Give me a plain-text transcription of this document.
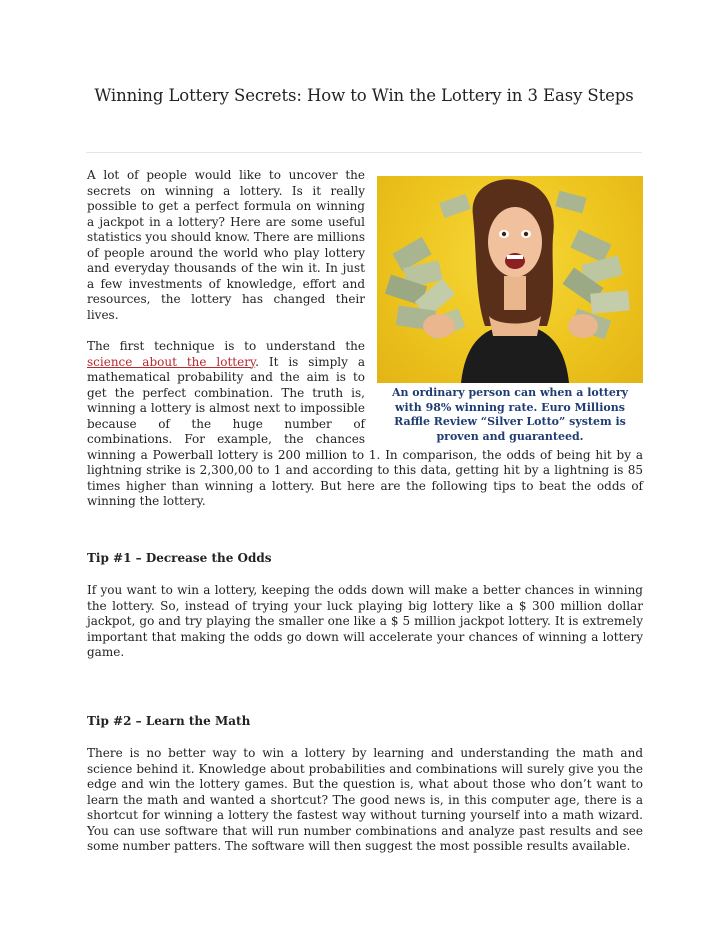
Winning Lottery Secrets: How to Win the Lottery in 3 Easy Steps
An ordinary person can when a lottery with 98% winning rate. Euro Millions Raffle Review “Silver Lotto” system is proven and guaranteed.

A lot of people would like to uncover the secrets on winning a lottery. Is it really possible to get a perfect formula on winning a jackpot in a lottery? Here are some useful statistics you should know. There are millions of people around the world who play lottery and everyday thousands of the win it. In just a few investments of knowledge, effort and resources, the lottery has changed their lives.

The first technique is to understand the science about the lottery. It is simply a mathematical probability and the aim is to get the perfect combination. The truth is, winning a lottery is almost next to impossible because of the huge number of combinations. For example, the chances winning a Powerball lottery is 200 million to 1. In comparison, the odds of being hit by a lightning strike is 2,300,00 to 1 and according to this data, getting hit by a lightning is 85 times higher than winning a lottery. But here are the following tips to beat the odds of winning the lottery.

Tip #1 – Decrease the Odds

If you want to win a lottery, keeping the odds down will make a better chances in winning the lottery. So, instead of trying your luck playing big lottery like a $ 300 million dollar jackpot, go and try playing the smaller one like a $ 5 million jackpot lottery. It is extremely important that making the odds go down will accelerate your chances of winning a lottery game.

Tip #2 – Learn the Math

There is no better way to win a lottery by learning and understanding the math and science behind it. Knowledge about probabilities and combinations will surely give you the edge and win the lottery games. But the question is, what about those who don’t want to learn the math and wanted a shortcut? The good news is, in this computer age, there is a shortcut for winning a lottery the fastest way without turning yourself into a math wizard. You can use software that will run number combinations and analyze past results and see some number patters. The software will then suggest the most possible results available.
